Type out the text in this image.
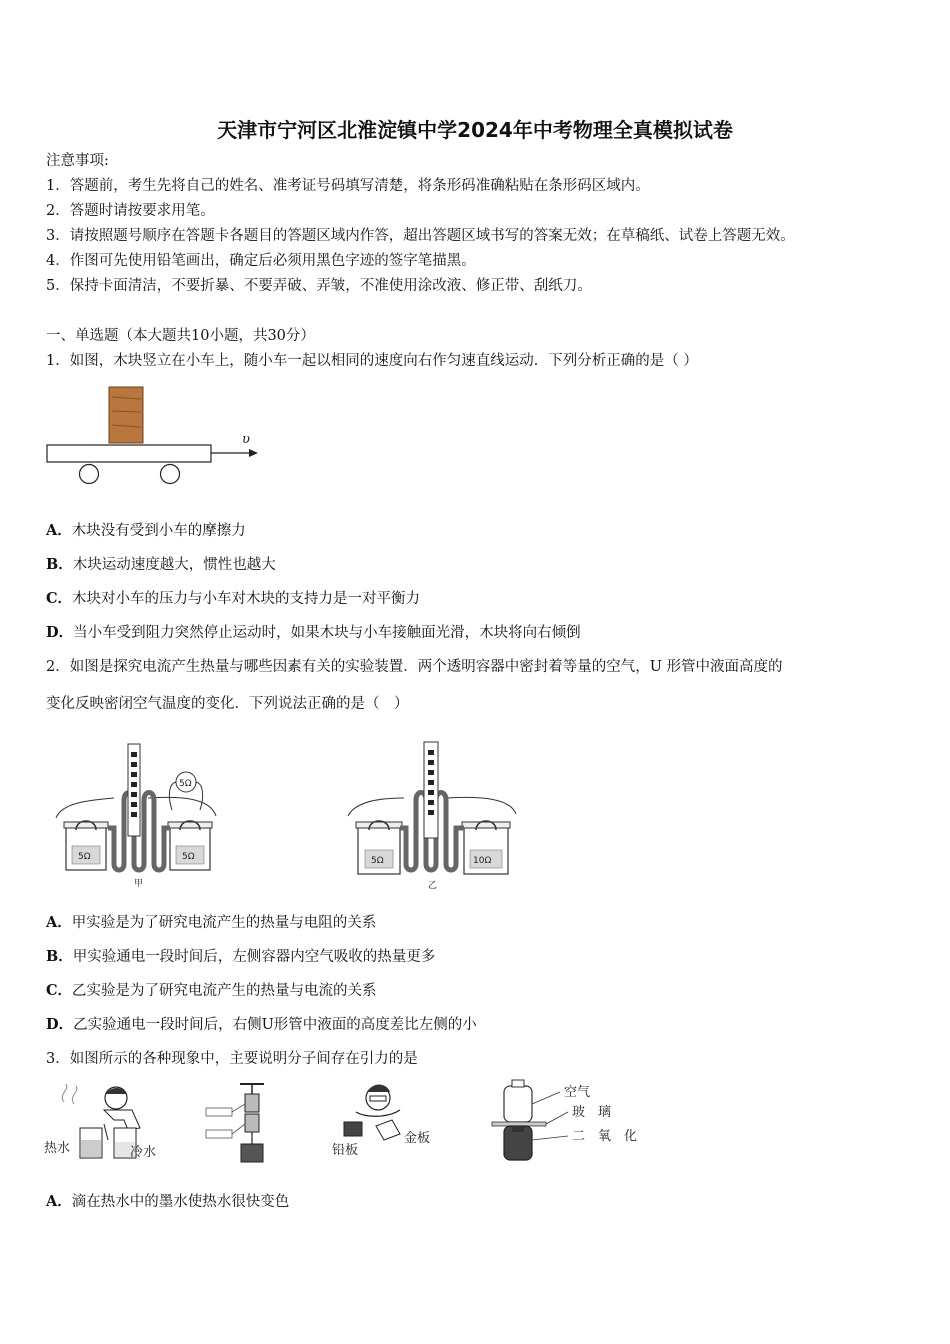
天津市宁河区北淮淀镇中学2024年中考物理全真模拟试卷
注意事项:
1．答题前，考生先将自己的姓名、准考证号码填写清楚，将条形码准确粘贴在条形码区域内。
2．答题时请按要求用笔。
3．请按照题号顺序在答题卡各题目的答题区域内作答，超出答题区域书写的答案无效；在草稿纸、试卷上答题无效。
4．作图可先使用铅笔画出，确定后必须用黑色字迹的签字笔描黑。
5．保持卡面清洁，不要折暴、不要弄破、弄皱，不准使用涂改液、修正带、刮纸刀。
一、单选题（本大题共10小题，共30分）
1．如图，木块竖立在小车上，随小车一起以相同的速度向右作匀速直线运动．下列分析正确的是（ ）
υ
A．木块没有受到小车的摩擦力
B．木块运动速度越大，惯性也越大
C．木块对小车的压力与小车对木块的支持力是一对平衡力
D．当小车受到阻力突然停止运动时，如果木块与小车接触面光滑，木块将向右倾倒
2．如图是探究电流产生热量与哪些因素有关的实验装置．两个透明容器中密封着等量的空气，U 形管中液面高度的
变化反映密闭空气温度的变化．下列说法正确的是（　）
5Ω	5Ω
5Ω
甲
5Ω	10Ω
乙
A．甲实验是为了研究电流产生的热量与电阻的关系
B．甲实验通电一段时间后，左侧容器内空气吸收的热量更多
C．乙实验是为了研究电流产生的热量与电流的关系
D．乙实验通电一段时间后，右侧U形管中液面的高度差比左侧的小
3．如图所示的各种现象中，主要说明分子间存在引力的是
热水	冷水	铅板
金板
空气
玻　璃
二　氧　化
A．滴在热水中的墨水使热水很快变色
